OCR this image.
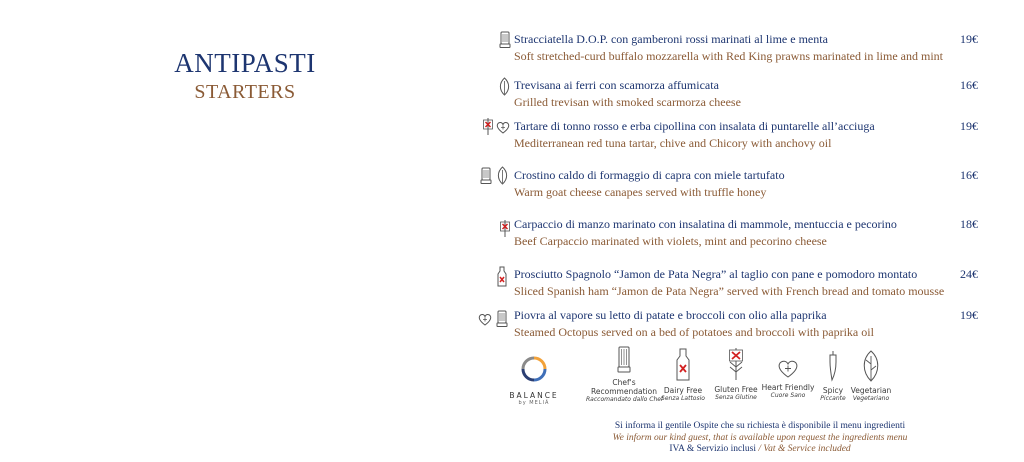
ANTIPASTI
STARTERS
Stracciatella D.O.P. con gamberoni rossi marinati al lime e menta
Soft stretched-curd buffalo mozzarella with Red King prawns marinated in lime and mint
19€
Trevisana ai ferri con scamorza affumicata
Grilled trevisan with smoked scarmorza cheese
16€
Tartare di tonno rosso e erba cipollina con insalata di puntarelle all’acciuga
Mediterranean red tuna tartar, chive and Chicory with anchovy oil
19€
Crostino caldo di formaggio di capra con miele tartufato
Warm goat cheese canapes served with truffle honey
16€
Carpaccio di manzo marinato con insalatina di mammole, mentuccia e pecorino
Beef Carpaccio marinated with violets, mint and pecorino cheese
18€
Prosciutto Spagnolo “Jamon de Pata Negra” al taglio con pane e pomodoro montato
Sliced Spanish ham “Jamon de Pata Negra” served with French bread and tomato mousse
24€
Piovra al vapore su letto di patate e broccoli con olio alla paprika
Steamed Octopus served on a bed of potatoes and broccoli with paprika oil
19€
BALANCE
by MELIÃ
Chef's
Recommendation
Raccomandato dallo Chef
Dairy Free
Senza Lattosio
Gluten Free
Senza Glutine
Heart Friendly
Cuore Sano
Spicy
Piccante
Vegetarian
Vegetariano
Si informa il gentile Ospite che su richiesta è disponibile il menu ingredienti
We inform our kind guest, that is available upon request the ingredients menu
IVA & Servizio inclusi / Vat & Service included
